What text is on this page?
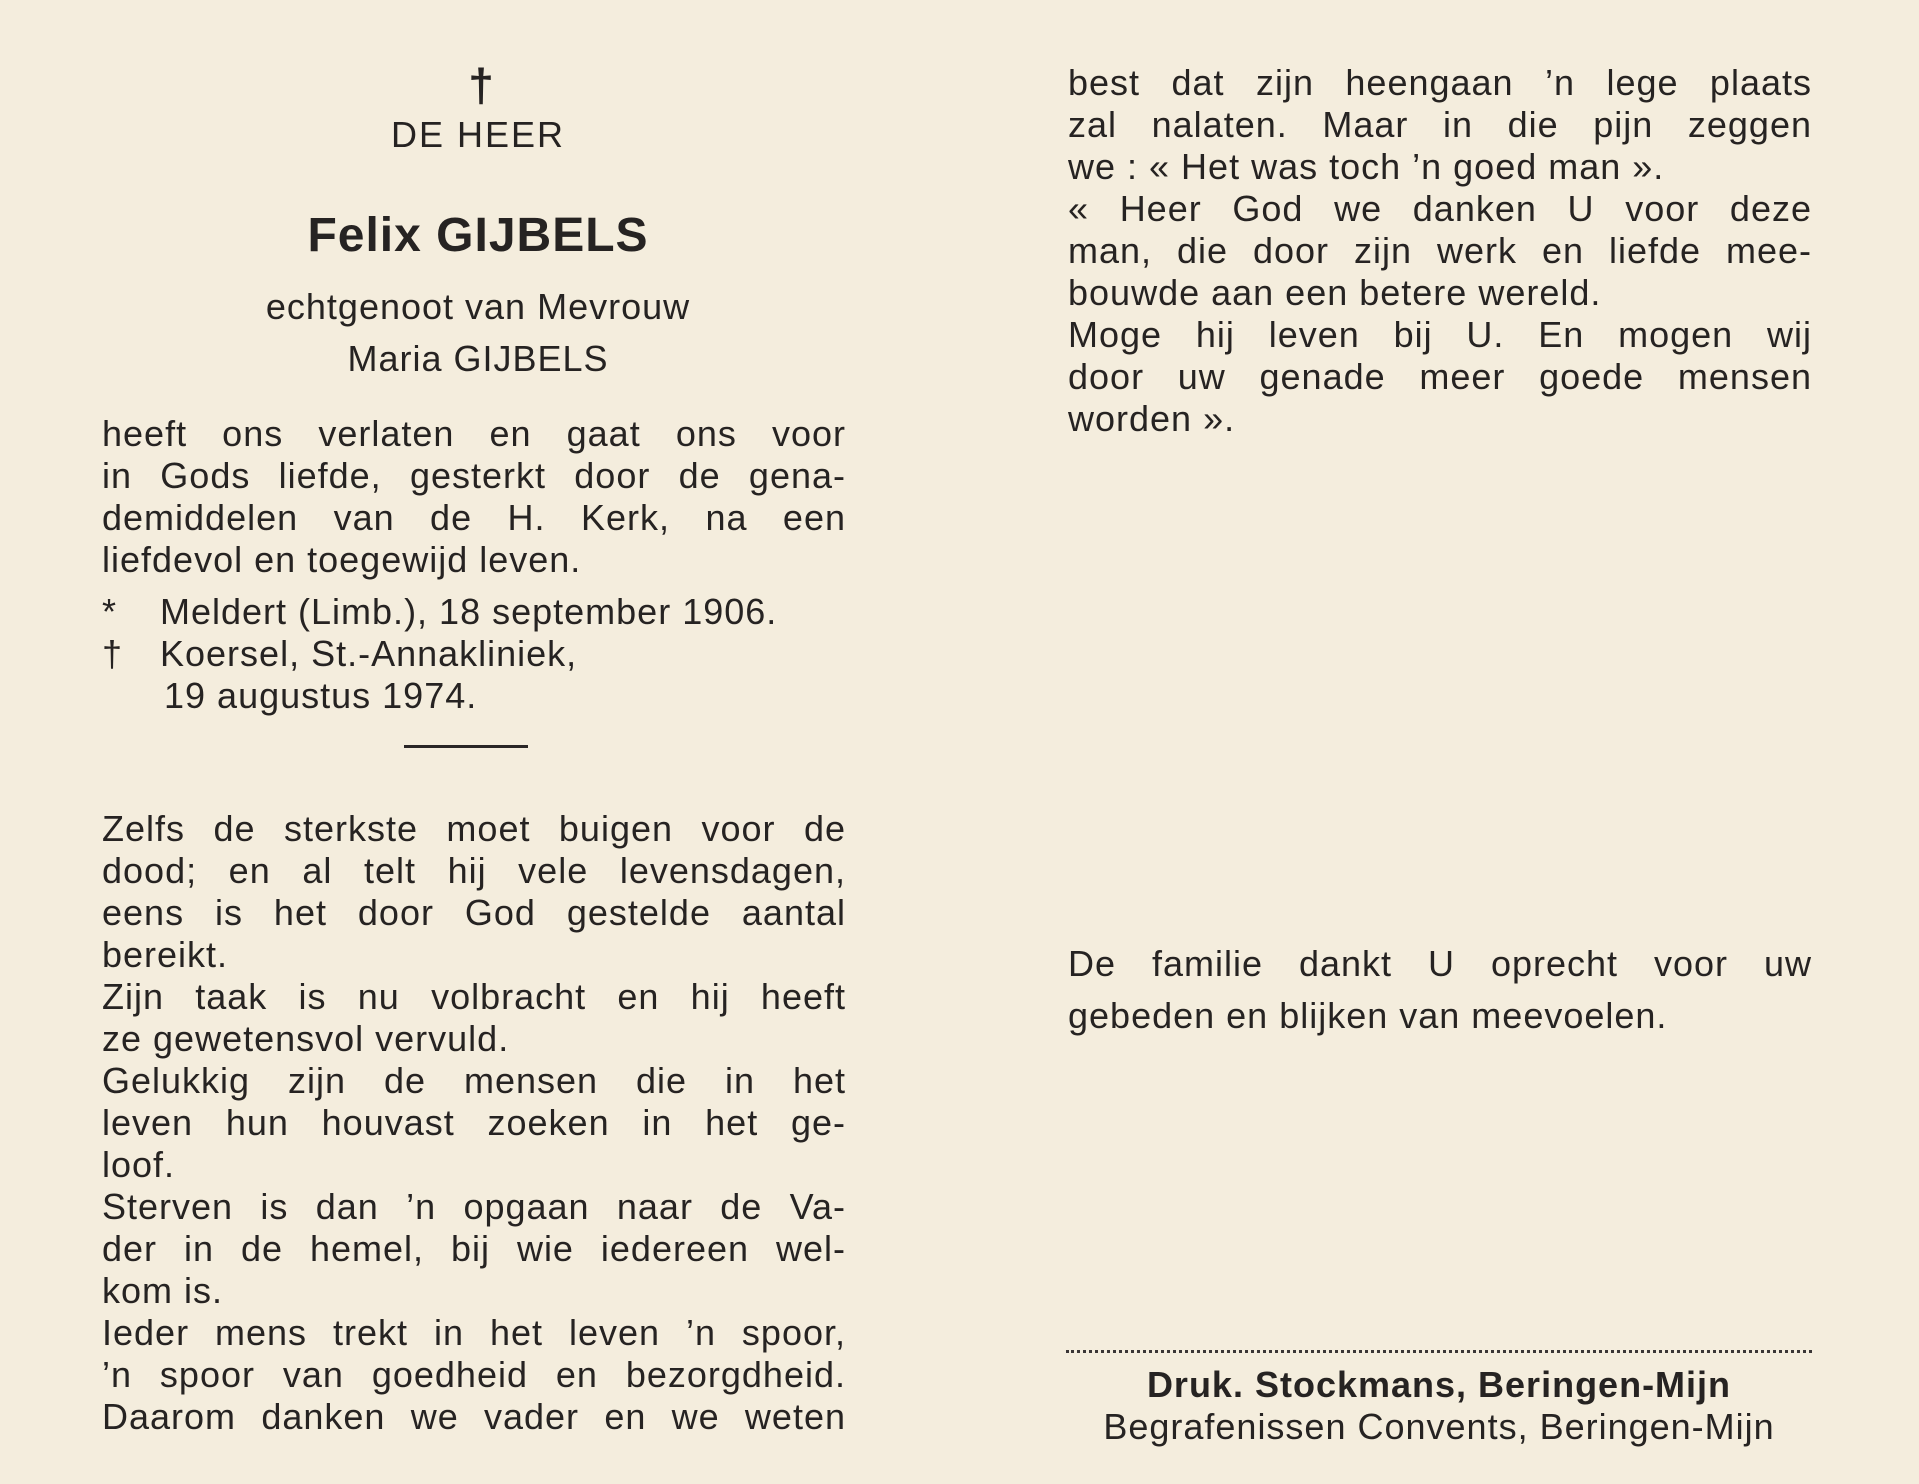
†
DE HEER
Felix GIJBELS
echtgenoot van Mevrouw
Maria GIJBELS
heeft ons verlaten en gaat ons voor
in Gods liefde, gesterkt door de gena-
demiddelen van de H. Kerk, na een
liefdevol en toegewijd leven.
*	Meldert (Limb.), 18 september 1906.
†	Koersel, St.-Annakliniek,
19 augustus 1974.
Zelfs de sterkste moet buigen voor de
dood; en al telt hij vele levensdagen,
eens is het door God gestelde aantal
bereikt.
Zijn taak is nu volbracht en hij heeft
ze gewetensvol vervuld.
Gelukkig zijn de mensen die in het
leven hun houvast zoeken in het ge-
loof.
Sterven is dan ’n opgaan naar de Va-
der in de hemel, bij wie iedereen wel-
kom is.
Ieder mens trekt in het leven ’n spoor,
’n spoor van goedheid en bezorgdheid.
Daarom danken we vader en we weten
best dat zijn heengaan ’n lege plaats
zal nalaten. Maar in die pijn zeggen
we : « Het was toch ’n goed man ».
« Heer God we danken U voor deze
man, die door zijn werk en liefde mee-
bouwde aan een betere wereld.
Moge hij leven bij U. En mogen wij
door uw genade meer goede mensen
worden ».
De familie dankt U oprecht voor uw
gebeden en blijken van meevoelen.
Druk. Stockmans, Beringen-Mijn
Begrafenissen Convents, Beringen-Mijn
